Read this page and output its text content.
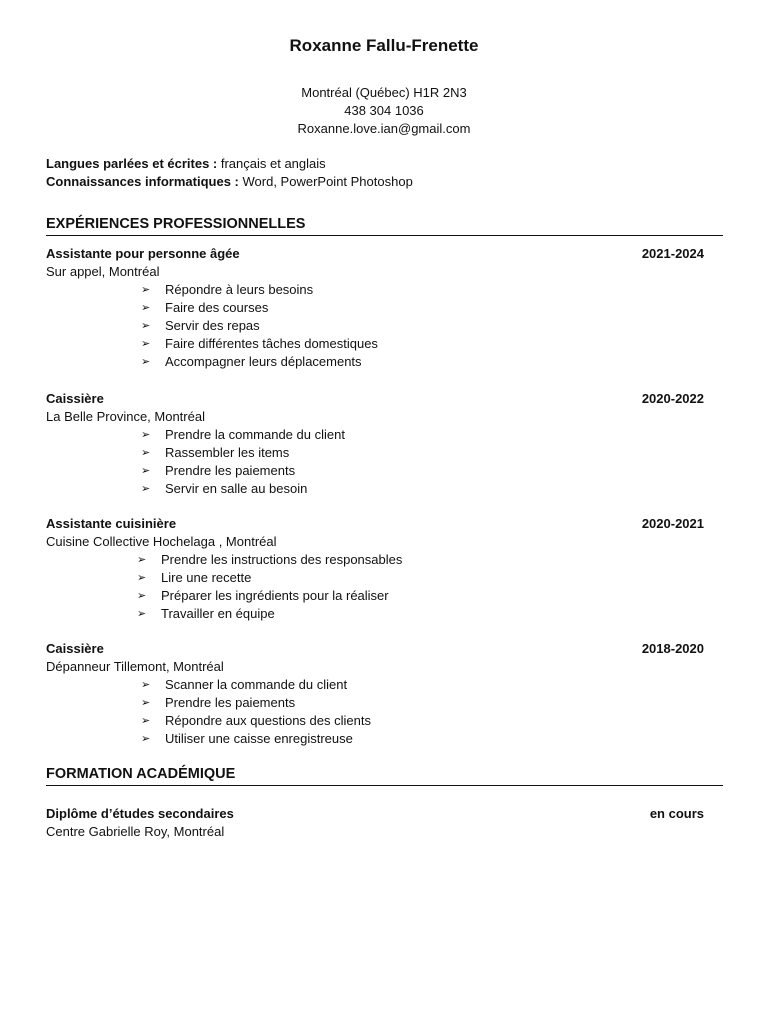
Roxanne Fallu-Frenette
Montréal (Québec) H1R 2N3
438 304 1036
Roxanne.love.ian@gmail.com
Langues parlées et écrites : français et anglais
Connaissances informatiques : Word, PowerPoint Photoshop
EXPÉRIENCES PROFESSIONNELLES
Assistante pour personne âgée	2021-2024
Sur appel, Montréal
➢ Répondre à leurs besoins
➢ Faire des courses
➢ Servir des repas
➢ Faire différentes tâches domestiques
➢ Accompagner leurs déplacements
Caissière	2020-2022
La Belle Province, Montréal
➢ Prendre la commande du client
➢ Rassembler les items
➢ Prendre les paiements
➢ Servir en salle au besoin
Assistante cuisinière	2020-2021
Cuisine Collective Hochelaga , Montréal
➢ Prendre les instructions des responsables
➢ Lire une recette
➢ Préparer les ingrédients pour la réaliser
➢ Travailler en équipe
Caissière	2018-2020
Dépanneur Tillemont, Montréal
➢ Scanner la commande du client
➢ Prendre les paiements
➢ Répondre aux questions des clients
➢ Utiliser une caisse enregistreuse
FORMATION ACADÉMIQUE
Diplôme d’études secondaires	en cours
Centre Gabrielle Roy, Montréal
